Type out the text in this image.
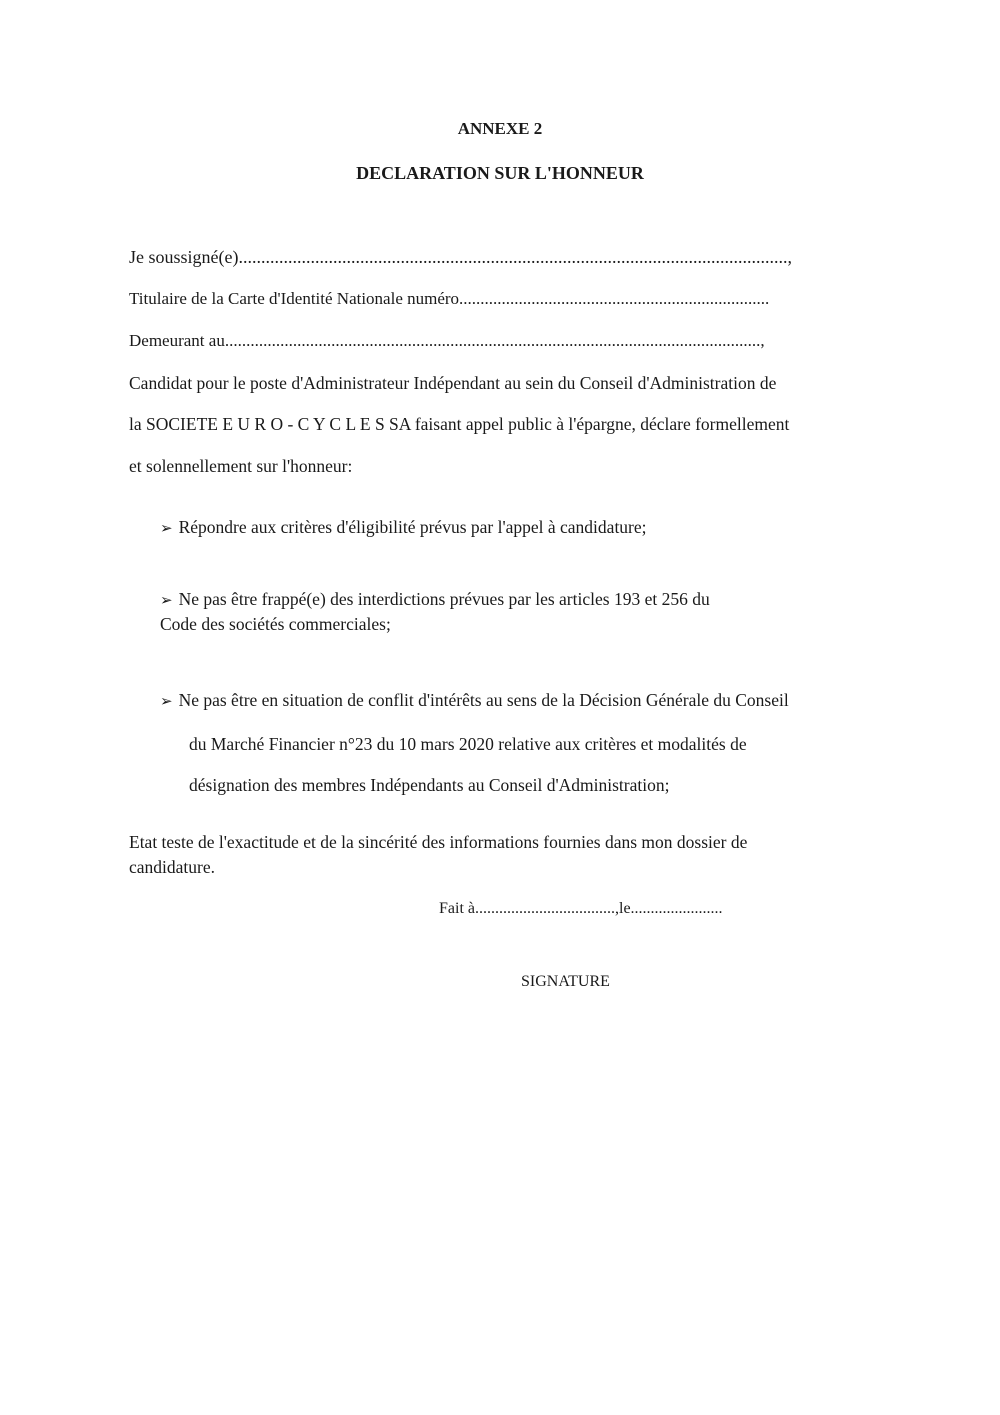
ANNEXE 2
DECLARATION SUR L'HONNEUR
Je soussigné(e)..........................................................................................................................,
Titulaire de la Carte d'Identité Nationale numéro.........................................................................
Demeurant au..............................................................................................................................,
Candidat pour le poste d'Administrateur Indépendant au sein du Conseil d'Administration de
la SOCIETE E U R O - C Y C L E S SA faisant appel public à l'épargne, déclare formellement
et solennellement sur l'honneur:
➢ Répondre aux critères d'éligibilité prévus par l'appel à candidature;
➢ Ne pas être frappé(e) des interdictions prévues par les articles 193 et 256 du
Code des sociétés commerciales;
➢ Ne pas être en situation de conflit d'intérêts au sens de la Décision Générale du Conseil
du Marché Financier n°23 du 10 mars 2020 relative aux critères et modalités de
désignation des membres Indépendants au Conseil d'Administration;
Etat teste de l'exactitude et de la sincérité des informations fournies dans mon dossier de
candidature.
Fait à...................................,le.......................
SIGNATURE
